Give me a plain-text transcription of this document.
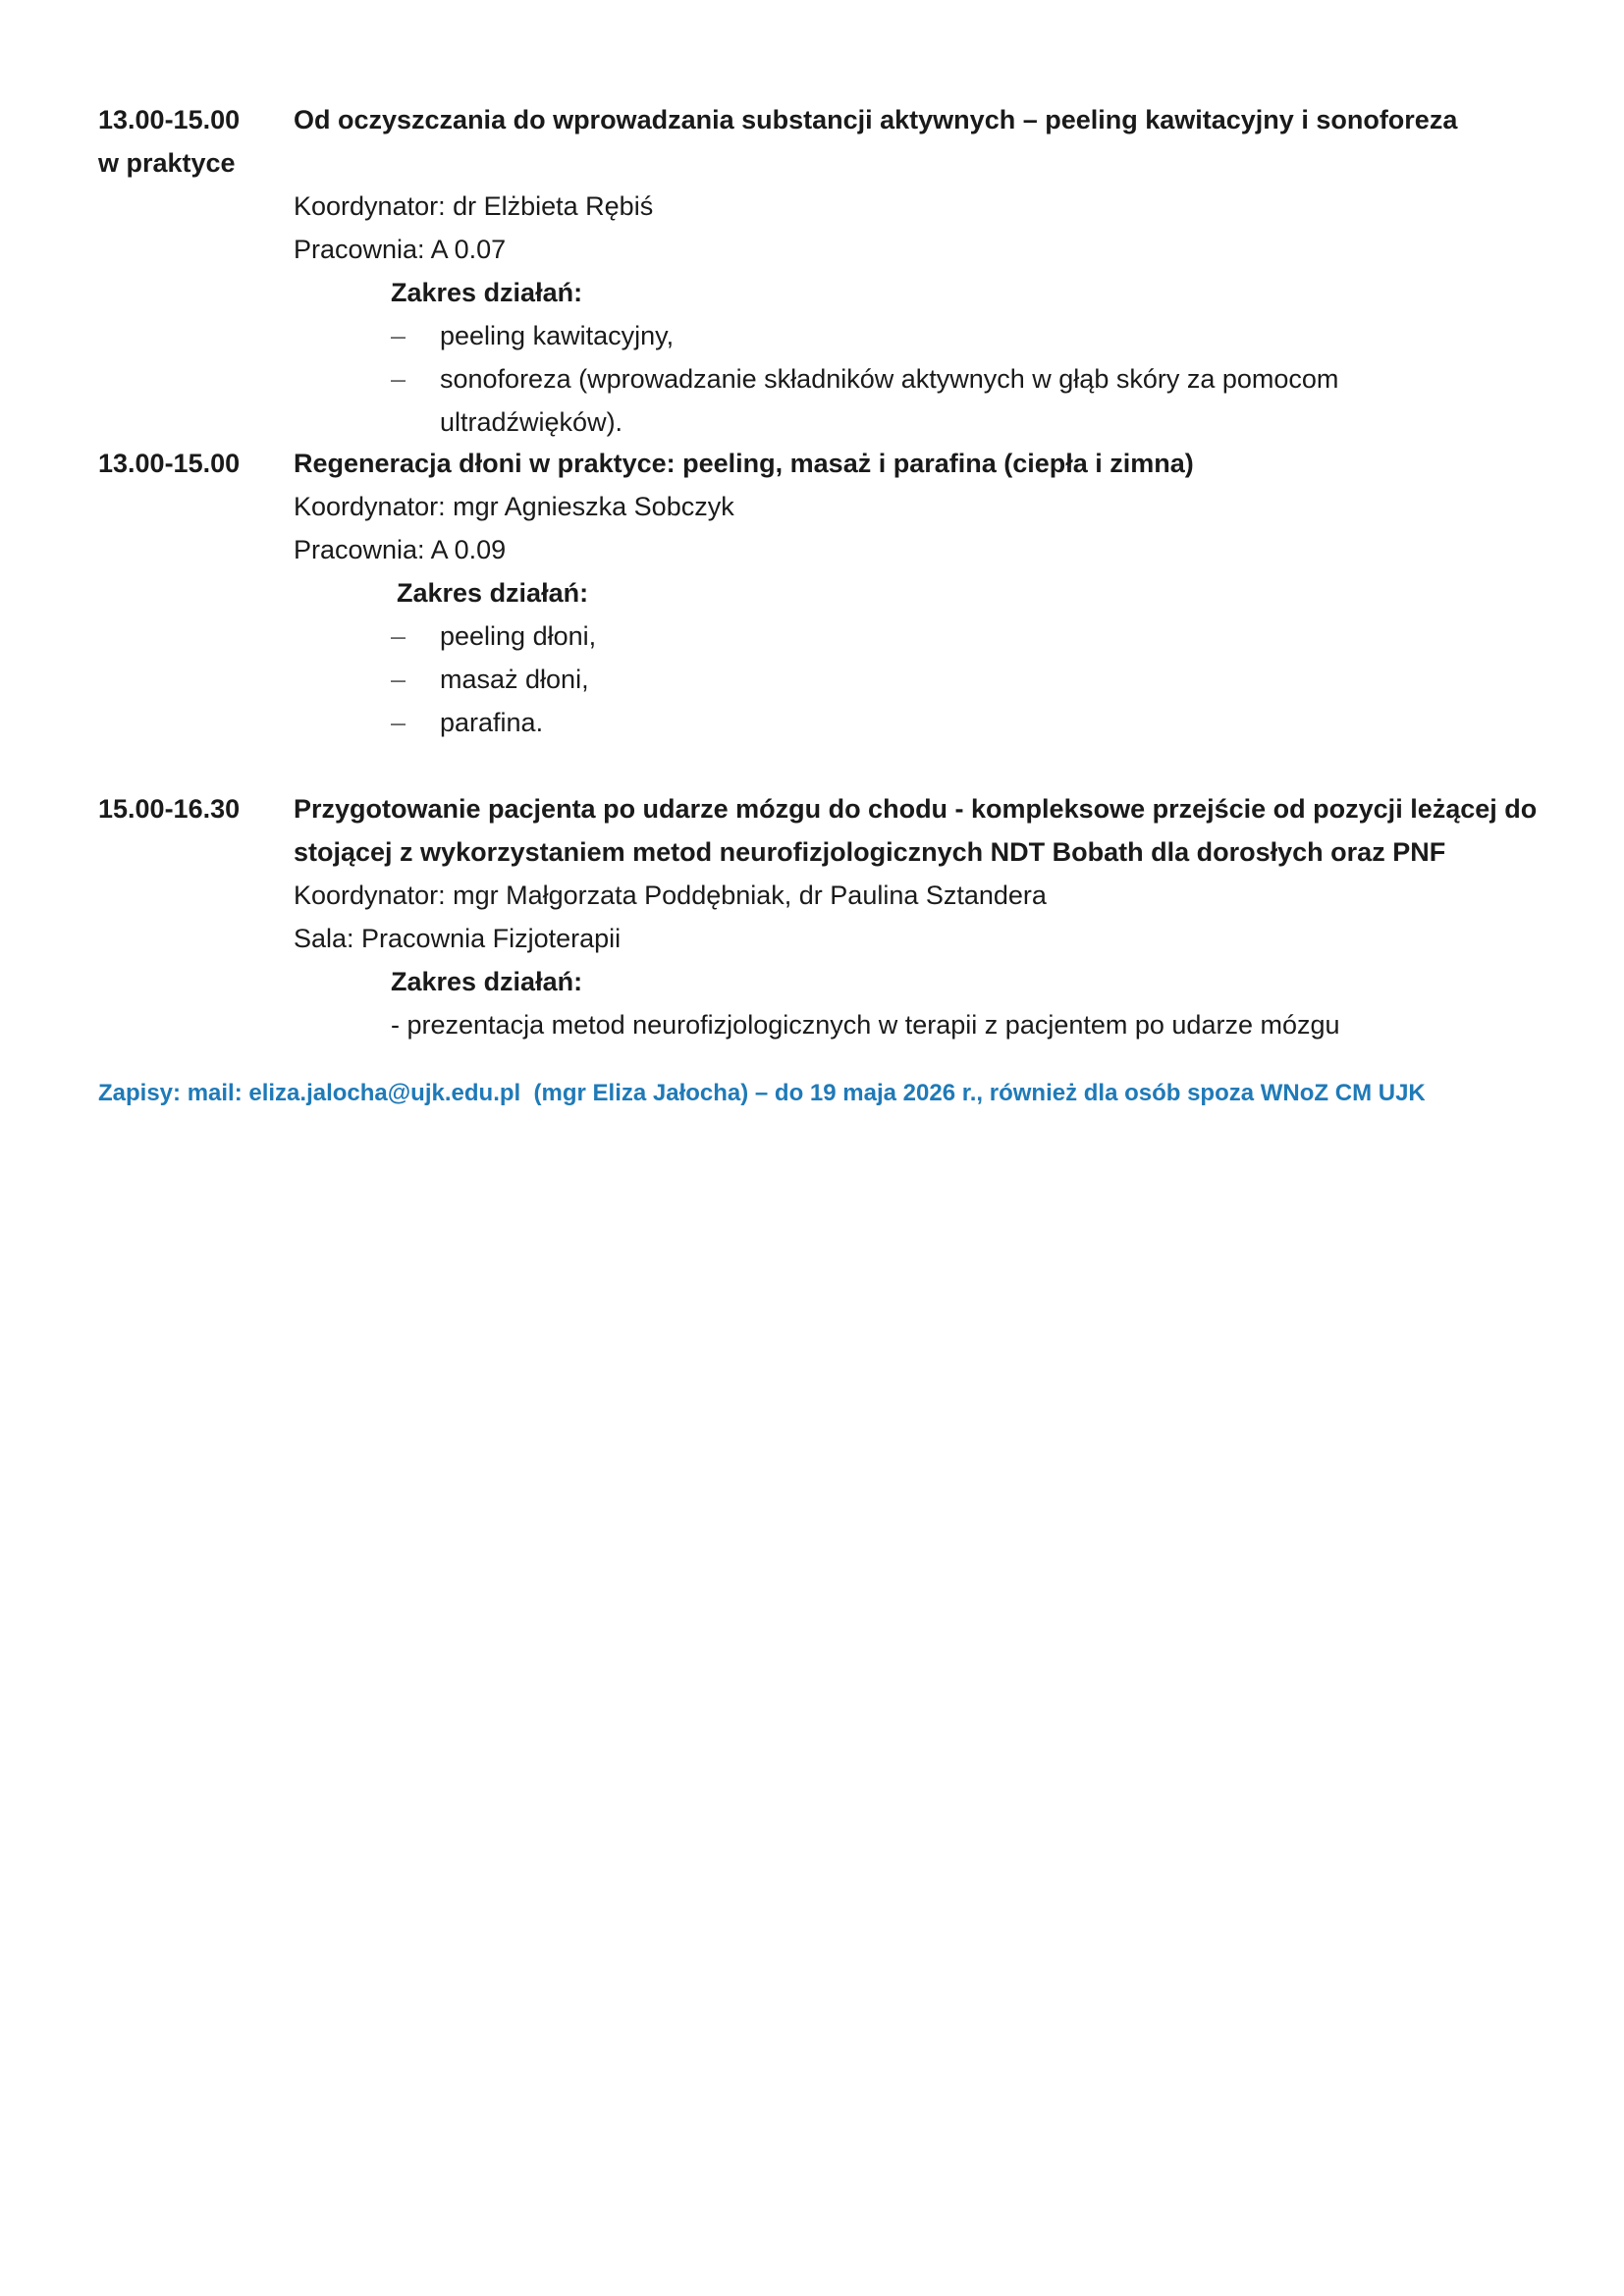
13.00-15.00
w praktyce

Od oczyszczania do wprowadzania substancji aktywnych – peeling kawitacyjny i sonoforeza

Koordynator: dr Elżbieta Rębiś

Pracownia: A 0.07

Zakres działań:

– peeling kawitacyjny,
– sonoforeza (wprowadzanie składników aktywnych w głąb skóry za pomocom ultradźwięków).
13.00-15.00	Regeneracja dłoni w praktyce: peeling, masaż i parafina (ciepła i zimna)

Koordynator: mgr Agnieszka Sobczyk

Pracownia: A 0.09

Zakres działań:

– peeling dłoni,
– masaż dłoni,
– parafina.
15.00-16.30	Przygotowanie pacjenta po udarze mózgu do chodu - kompleksowe przejście od pozycji leżącej do stojącej z wykorzystaniem metod neurofizjologicznych NDT Bobath dla dorosłych oraz PNF

Koordynator: mgr Małgorzata Poddębniak, dr Paulina Sztandera

Sala: Pracownia Fizjoterapii

Zakres działań:

- prezentacja metod neurofizjologicznych w terapii z pacjentem po udarze mózgu

Zapisy: mail: eliza.jalocha@ujk.edu.pl  (mgr Eliza Jałocha) – do 19 maja 2026 r., również dla osób spoza WNoZ CM UJK
